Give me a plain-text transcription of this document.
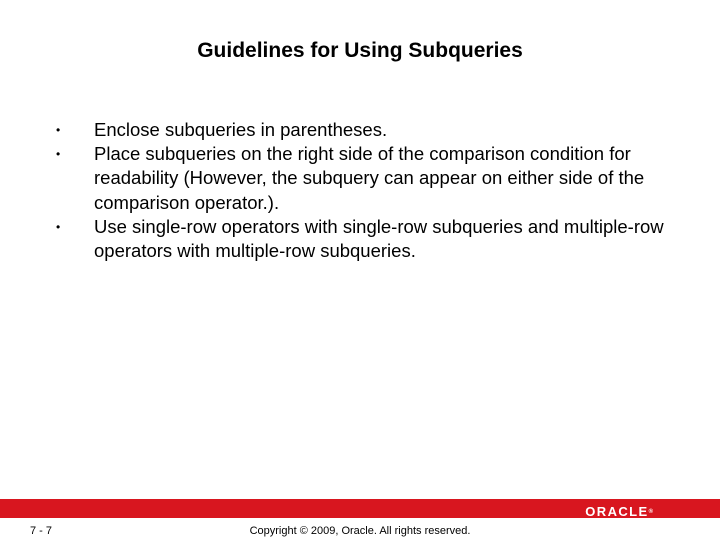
Guidelines for Using Subqueries
• Enclose subqueries in parentheses.
• Place subqueries on the right side of the comparison condition for readability (However, the subquery can appear on either side of the comparison operator.).
• Use single-row operators with single-row subqueries and multiple-row operators with multiple-row subqueries.
ORACLE®
7 - 7	Copyright © 2009, Oracle. All rights reserved.
